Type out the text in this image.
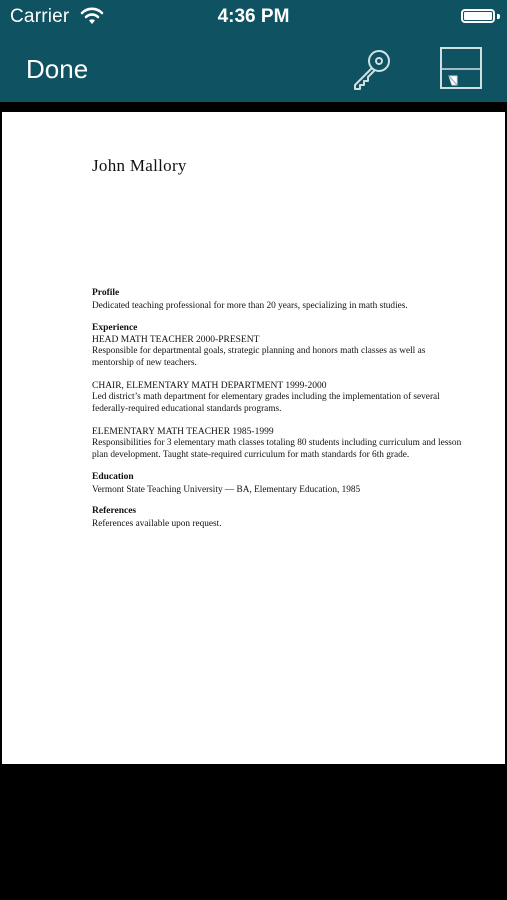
Carrier	4:36 PM
Done
John Mallory
Profile

Dedicated teaching professional for more than 20 years, specializing in math studies.

Experience

HEAD MATH TEACHER 2000-PRESENT

Responsible for departmental goals, strategic planning and honors math classes as well as mentorship of new teachers.

CHAIR, ELEMENTARY MATH DEPARTMENT 1999-2000

Led district’s math department for elementary grades including the implementation of several federally-required educational standards programs.

ELEMENTARY MATH TEACHER 1985-1999

Responsibilities for 3 elementary math classes totaling 80 students including curriculum and lesson plan development. Taught state-required curriculum for math standards for 6th grade.

Education

Vermont State Teaching University — BA, Elementary Education, 1985

References

References available upon request.
